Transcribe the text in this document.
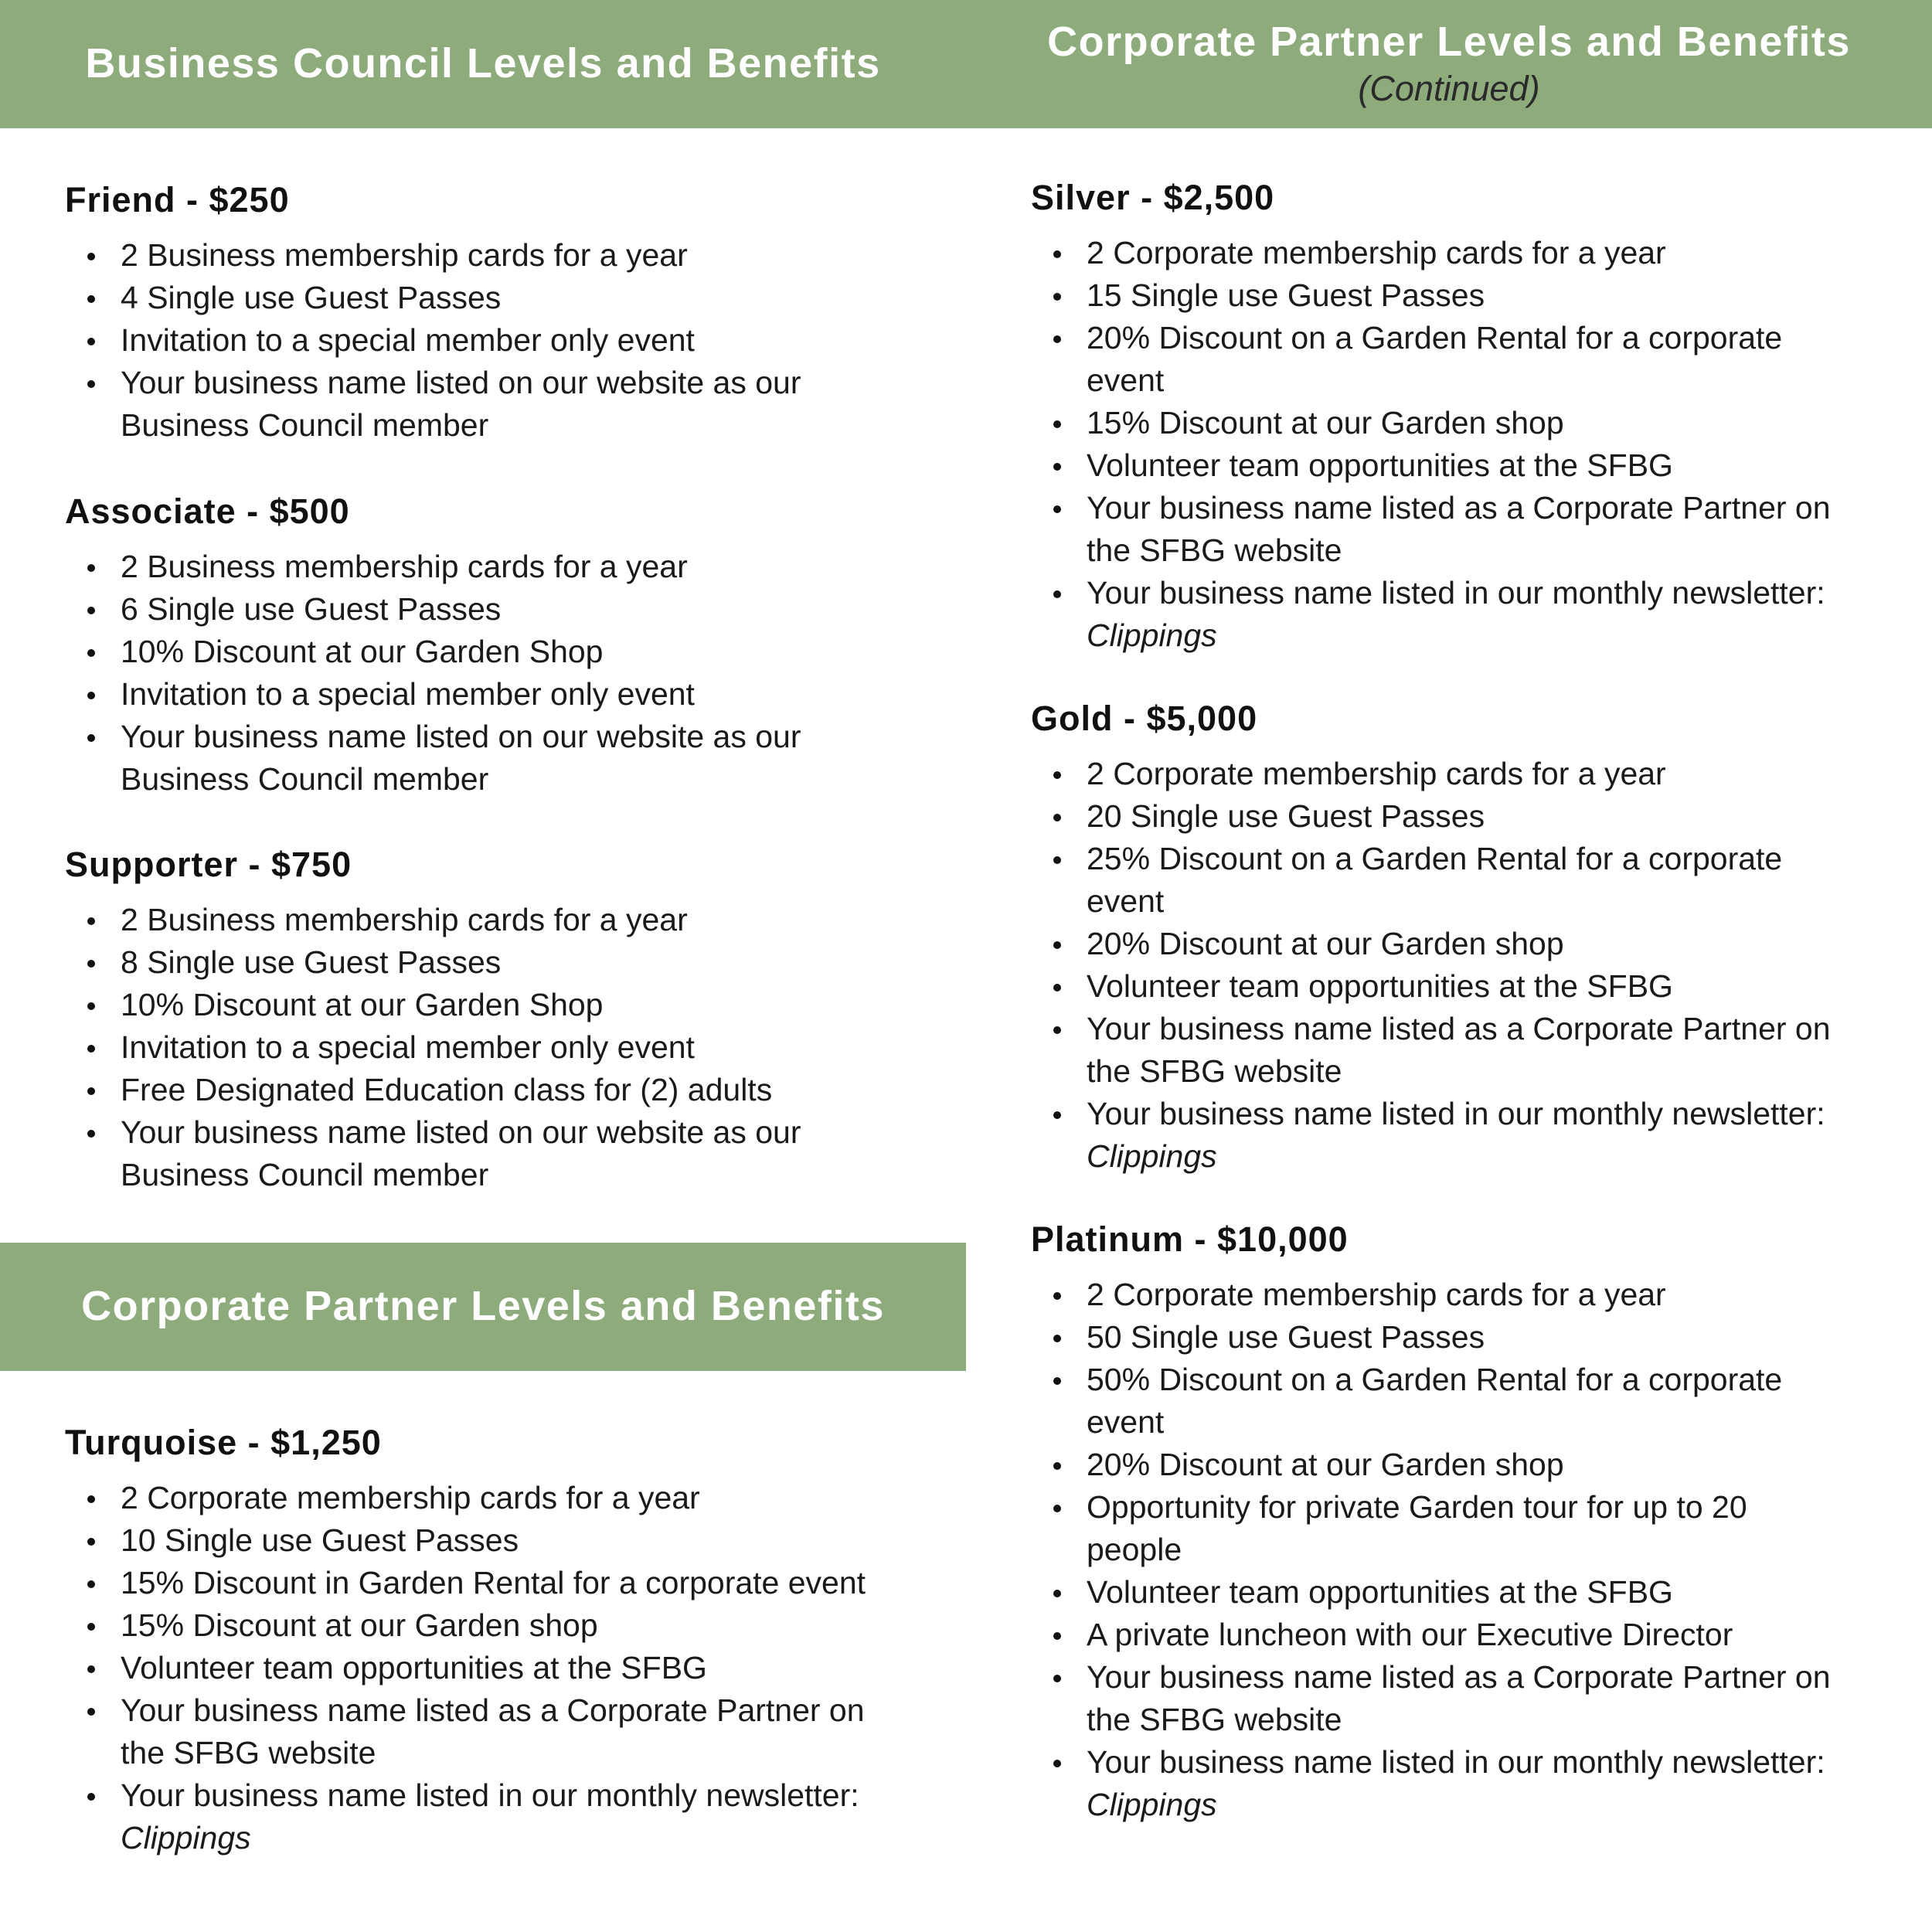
Business Council Levels and Benefits
Friend - $250
2 Business membership cards for a year
4 Single use Guest Passes
Invitation to a special member only event
Your business name listed on our website as our Business Council member
Associate - $500
2 Business membership cards for a year
6 Single use Guest Passes
10% Discount at our Garden Shop
Invitation to a special member only event
Your business name listed on our website as our Business Council member
Supporter - $750
2 Business membership cards for a year
8 Single use Guest Passes
10% Discount at our Garden Shop
Invitation to a special member only event
Free Designated Education class for (2) adults
Your business name listed on our website as our Business Council member
Corporate Partner Levels and Benefits
Turquoise - $1,250
2 Corporate membership cards for a year
10 Single use Guest Passes
15% Discount in Garden Rental for a corporate event
15% Discount at our Garden shop
Volunteer team opportunities at the SFBG
Your business name listed as a Corporate Partner on the SFBG website
Your business name listed in our monthly newsletter:
Clippings
Corporate Partner Levels and Benefits
(Continued)
Silver - $2,500
2 Corporate membership cards for a year
15 Single use Guest Passes
20% Discount on a Garden Rental for a corporate event
15% Discount at our Garden shop
Volunteer team opportunities at the SFBG
Your business name listed as a Corporate Partner on the SFBG website
Your business name listed in our monthly newsletter:
Clippings
Gold - $5,000
2 Corporate membership cards for a year
20 Single use Guest Passes
25% Discount on a Garden Rental for a corporate event
20% Discount at our Garden shop
Volunteer team opportunities at the SFBG
Your business name listed as a Corporate Partner on the SFBG website
Your business name listed in our monthly newsletter:
Clippings
Platinum - $10,000
2 Corporate membership cards for a year
50 Single use Guest Passes
50% Discount on a Garden Rental for a corporate event
20% Discount at our Garden shop
Opportunity for private Garden tour for up to 20 people
Volunteer team opportunities at the SFBG
A private luncheon with our Executive Director
Your business name listed as a Corporate Partner on the SFBG website
Your business name listed in our monthly newsletter:
Clippings
